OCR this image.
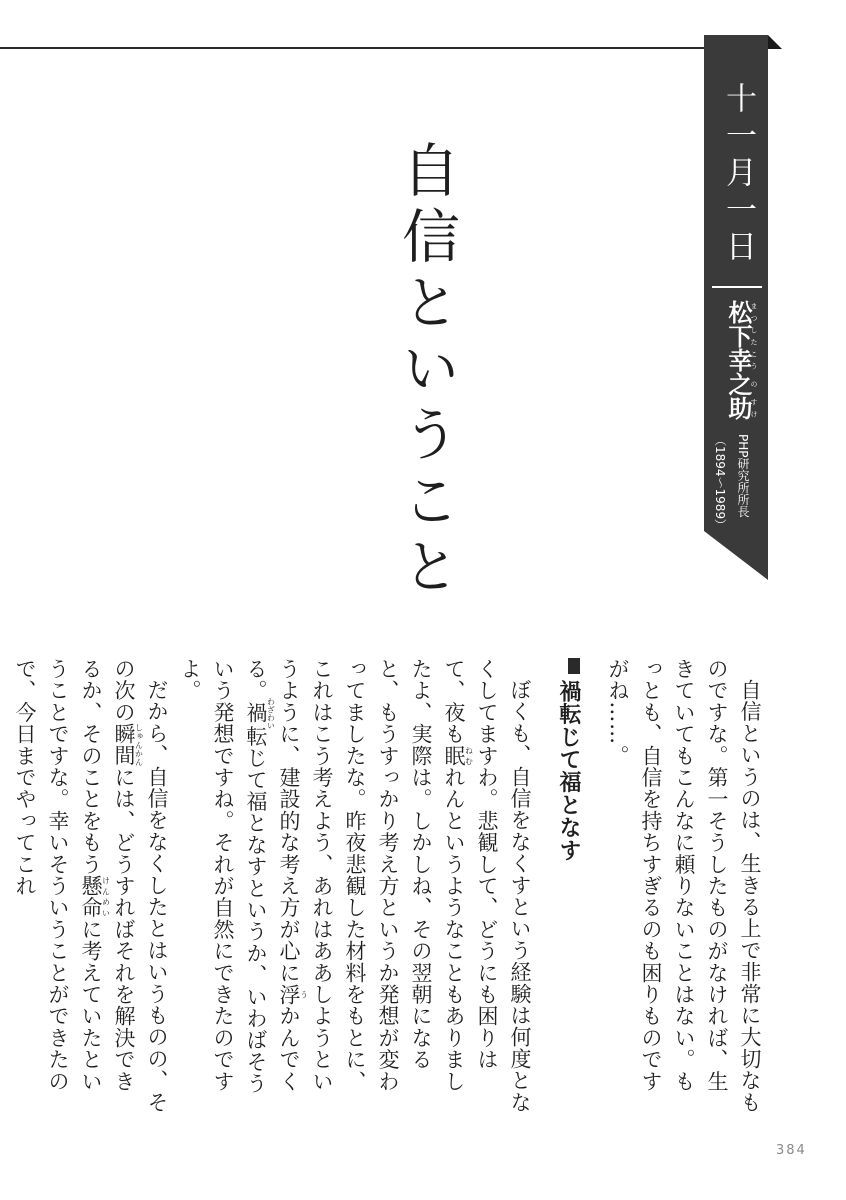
十一月一日
松まつ下した幸こう之の助すけ
PHP研究所所長
（1894〜1989）
自信ということ

自信というのは、生きる上で非常に大切なものですな。第一そうしたものがなければ、生きていてもこんなに頼りないことはない。もっとも、自信を持ちすぎるのも困りものですがね……。

禍転じて福となす

ぼくも、自信をなくすという経験は何度となくしてますわ。悲観して、どうにも困りはて、夜も眠ねむれんというようなこともありましたよ、実際は。しかしね、その翌朝になると、もうすっかり考え方というか発想が変わってましたな。昨夜悲観した材料をもとに、これはこう考えよう、あれはああしようというように、建設的な考え方が心に浮うかんでくる。禍わざわい転じて福となすというか、いわばそういう発想ですね。それが自然にできたのですよ。

だから、自信をなくしたとはいうものの、その次の瞬間しゅんかんには、どうすればそれを解決できるか、そのことをもう懸命けんめいに考えていたということですな。幸いそういうことができたので、今日までやってこれ

384
